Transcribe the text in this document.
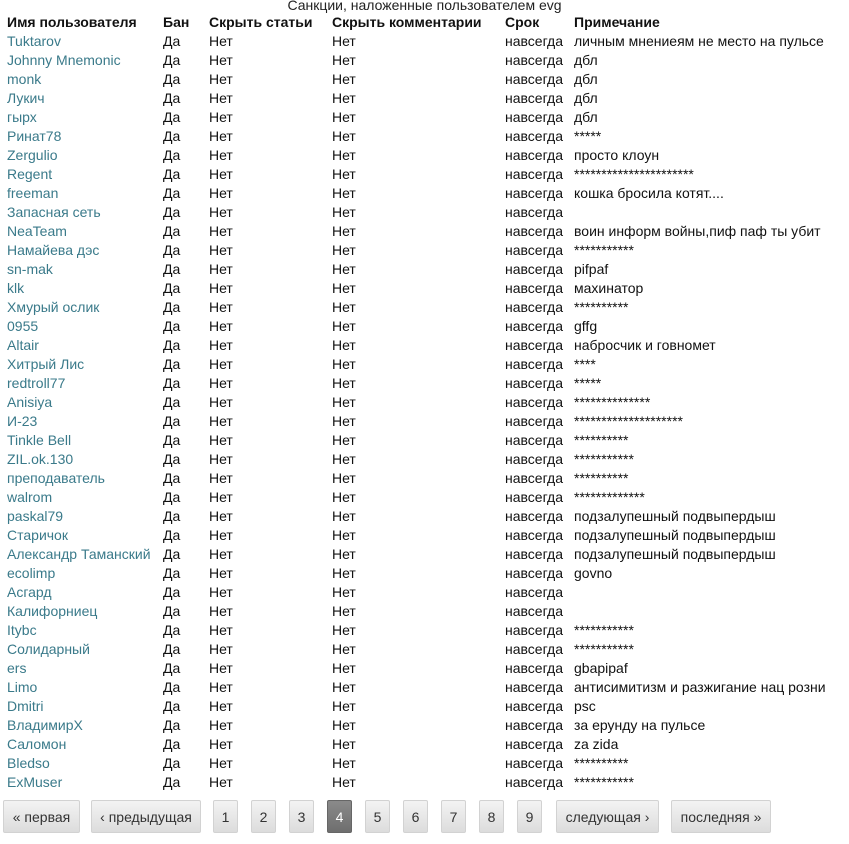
Санкции, наложенные пользователем evg
Имя пользователя	Бан	Скрыть статьи	Скрыть комментарии	Срок	Примечание
Tuktarov	Да	Нет	Нет	навсегда	личным мнениеям не место на пульсе
Johnny Mnemonic	Да	Нет	Нет	навсегда	дбл
monk	Да	Нет	Нет	навсегда	дбл
Лукич	Да	Нет	Нет	навсегда	дбл
гырх	Да	Нет	Нет	навсегда	дбл
Ринат78	Да	Нет	Нет	навсегда	*****
Zergulio	Да	Нет	Нет	навсегда	просто клоун
Regent	Да	Нет	Нет	навсегда	**********************
freeman	Да	Нет	Нет	навсегда	кошка бросила котят....
Запасная сеть	Да	Нет	Нет	навсегда	
NeaTeam	Да	Нет	Нет	навсегда	воин информ войны,пиф паф ты убит
Намайева дэс	Да	Нет	Нет	навсегда	***********
sn-mak	Да	Нет	Нет	навсегда	pifpaf
klk	Да	Нет	Нет	навсегда	махинатор
Хмурый ослик	Да	Нет	Нет	навсегда	**********
0955	Да	Нет	Нет	навсегда	gffg
Altair	Да	Нет	Нет	навсегда	набросчик и говномет
Хитрый Лис	Да	Нет	Нет	навсегда	****
redtroll77	Да	Нет	Нет	навсегда	*****
Anisiya	Да	Нет	Нет	навсегда	**************
И-23	Да	Нет	Нет	навсегда	********************
Tinkle Bell	Да	Нет	Нет	навсегда	**********
ZIL.ok.130	Да	Нет	Нет	навсегда	***********
преподаватель	Да	Нет	Нет	навсегда	**********
walrom	Да	Нет	Нет	навсегда	*************
paskal79	Да	Нет	Нет	навсегда	подзалупешный подвыпердыш
Старичок	Да	Нет	Нет	навсегда	подзалупешный подвыпердыш
Александр Таманский	Да	Нет	Нет	навсегда	подзалупешный подвыпердыш
ecolimp	Да	Нет	Нет	навсегда	govno
Асгард	Да	Нет	Нет	навсегда	
Калифорниец	Да	Нет	Нет	навсегда	
Itybc	Да	Нет	Нет	навсегда	***********
Солидарный	Да	Нет	Нет	навсегда	***********
ers	Да	Нет	Нет	навсегда	gbapipaf
Limo	Да	Нет	Нет	навсегда	антисимитизм и разжигание нац розни
Dmitri	Да	Нет	Нет	навсегда	psc
ВладимирX	Да	Нет	Нет	навсегда	за ерунду на пульсе
Саломон	Да	Нет	Нет	навсегда	za zida
Bledso	Да	Нет	Нет	навсегда	**********
ExMuser	Да	Нет	Нет	навсегда	***********
« первая	‹ предыдущая	1	2	3	4	5	6	7	8	9	следующая ›	последняя »
